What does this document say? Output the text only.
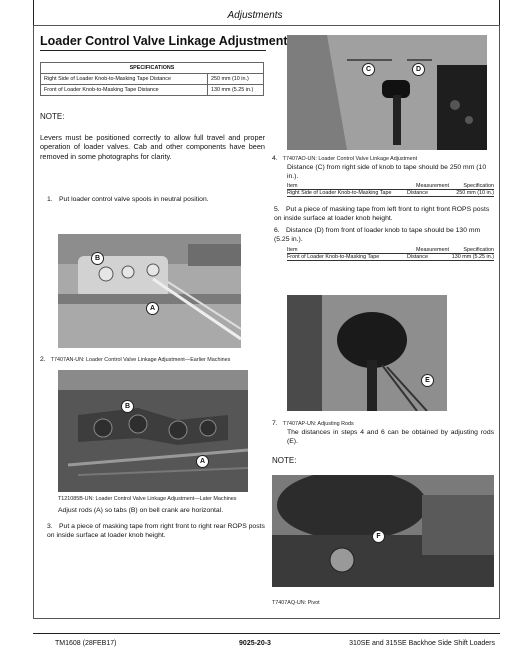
Adjustments
Loader Control Valve Linkage Adjustment
SPECIFICATIONS	
Right Side of Loader Knob-to-Masking Tape Distance	250 mm (10 in.)
Front of Loader Knob-to-Masking Tape Distance	130 mm (5.25 in.)
NOTE:
Levers must be positioned correctly to allow full travel and proper operation of loader valves. Cab and other components have been removed in some photographs for clarity.
1. Put loader control valve spools in neutral position.
B
A
2. T7407AN-UN: Loader Control Valve Linkage Adjustment—Earlier Machines
B
A
T121085B-UN: Loader Control Valve Linkage Adjustment—Later Machines
Adjust rods (A) so tabs (B) on bell crank are horizontal.
3. Put a piece of masking tape from right front to right rear ROPS posts on inside surface at loader knob height.
C	D
4. T7407AO-UN: Loader Control Valve Linkage Adjustment
Distance (C) from right side of knob to tape should be 250 mm (10 in.).
Item	Measurement	Specification
Right Side of Loader Knob-to-Masking Tape	Distance	250 mm (10 in.)
5. Put a piece of masking tape from left front to right front ROPS posts on inside surface at loader knob height.
6. Distance (D) from front of loader knob to tape should be 130 mm (5.25 in.).
Item	Measurement	Specification
Front of Loader Knob-to-Masking Tape	Distance	130 mm (5.25 in.)
E
7. T7407AP-UN: Adjusting Rods
The distances in steps 4 and 6 can be obtained by adjusting rods (E).
NOTE:
F
T7407AQ-UN: Pivot
TM1608 (28FEB17)	9025-20-3	310SE and 315SE Backhoe Side Shift Loaders
